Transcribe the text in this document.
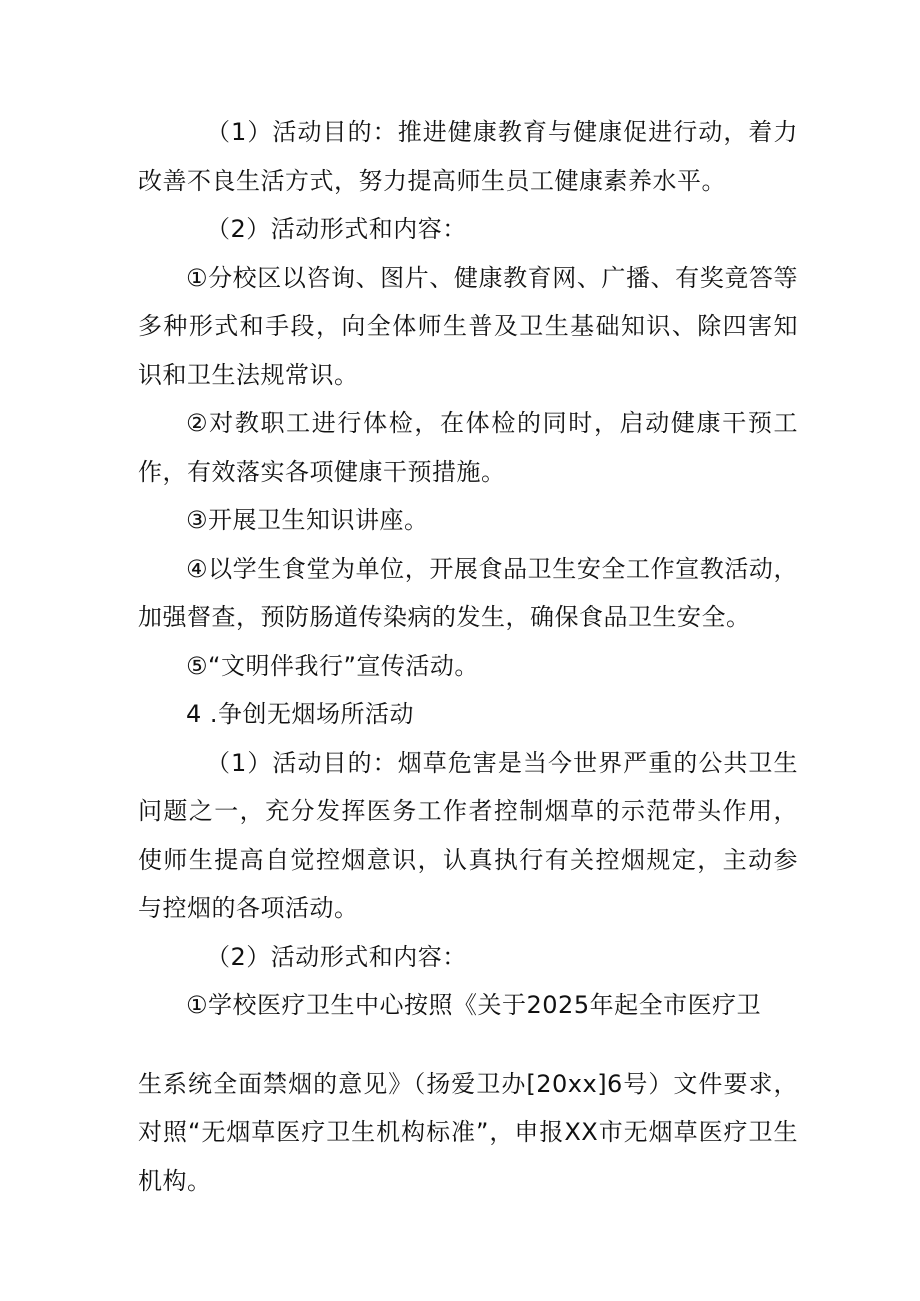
（1）活动目的：推进健康教育与健康促进行动，着力改善不良生活方式，努力提高师生员工健康素养水平。

（2）活动形式和内容：

①分校区以咨询、图片、健康教育网、广播、有奖竟答等多种形式和手段，向全体师生普及卫生基础知识、除四害知识和卫生法规常识。

②对教职工进行体检，在体检的同时，启动健康干预工作，有效落实各项健康干预措施。

③开展卫生知识讲座。

④以学生食堂为单位，开展食品卫生安全工作宣教活动，加强督查，预防肠道传染病的发生，确保食品卫生安全。

⑤“文明伴我行”宣传活动。

4 .争创无烟场所活动

（1）活动目的：烟草危害是当今世界严重的公共卫生问题之一，充分发挥医务工作者控制烟草的示范带头作用，使师生提高自觉控烟意识，认真执行有关控烟规定，主动参与控烟的各项活动。

（2）活动形式和内容：

①学校医疗卫生中心按照《关于2025年起全市医疗卫

生系统全面禁烟的意见》（扬爱卫办[20xx]6号）文件要求，对照“无烟草医疗卫生机构标准”，申报XX市无烟草医疗卫生机构。
